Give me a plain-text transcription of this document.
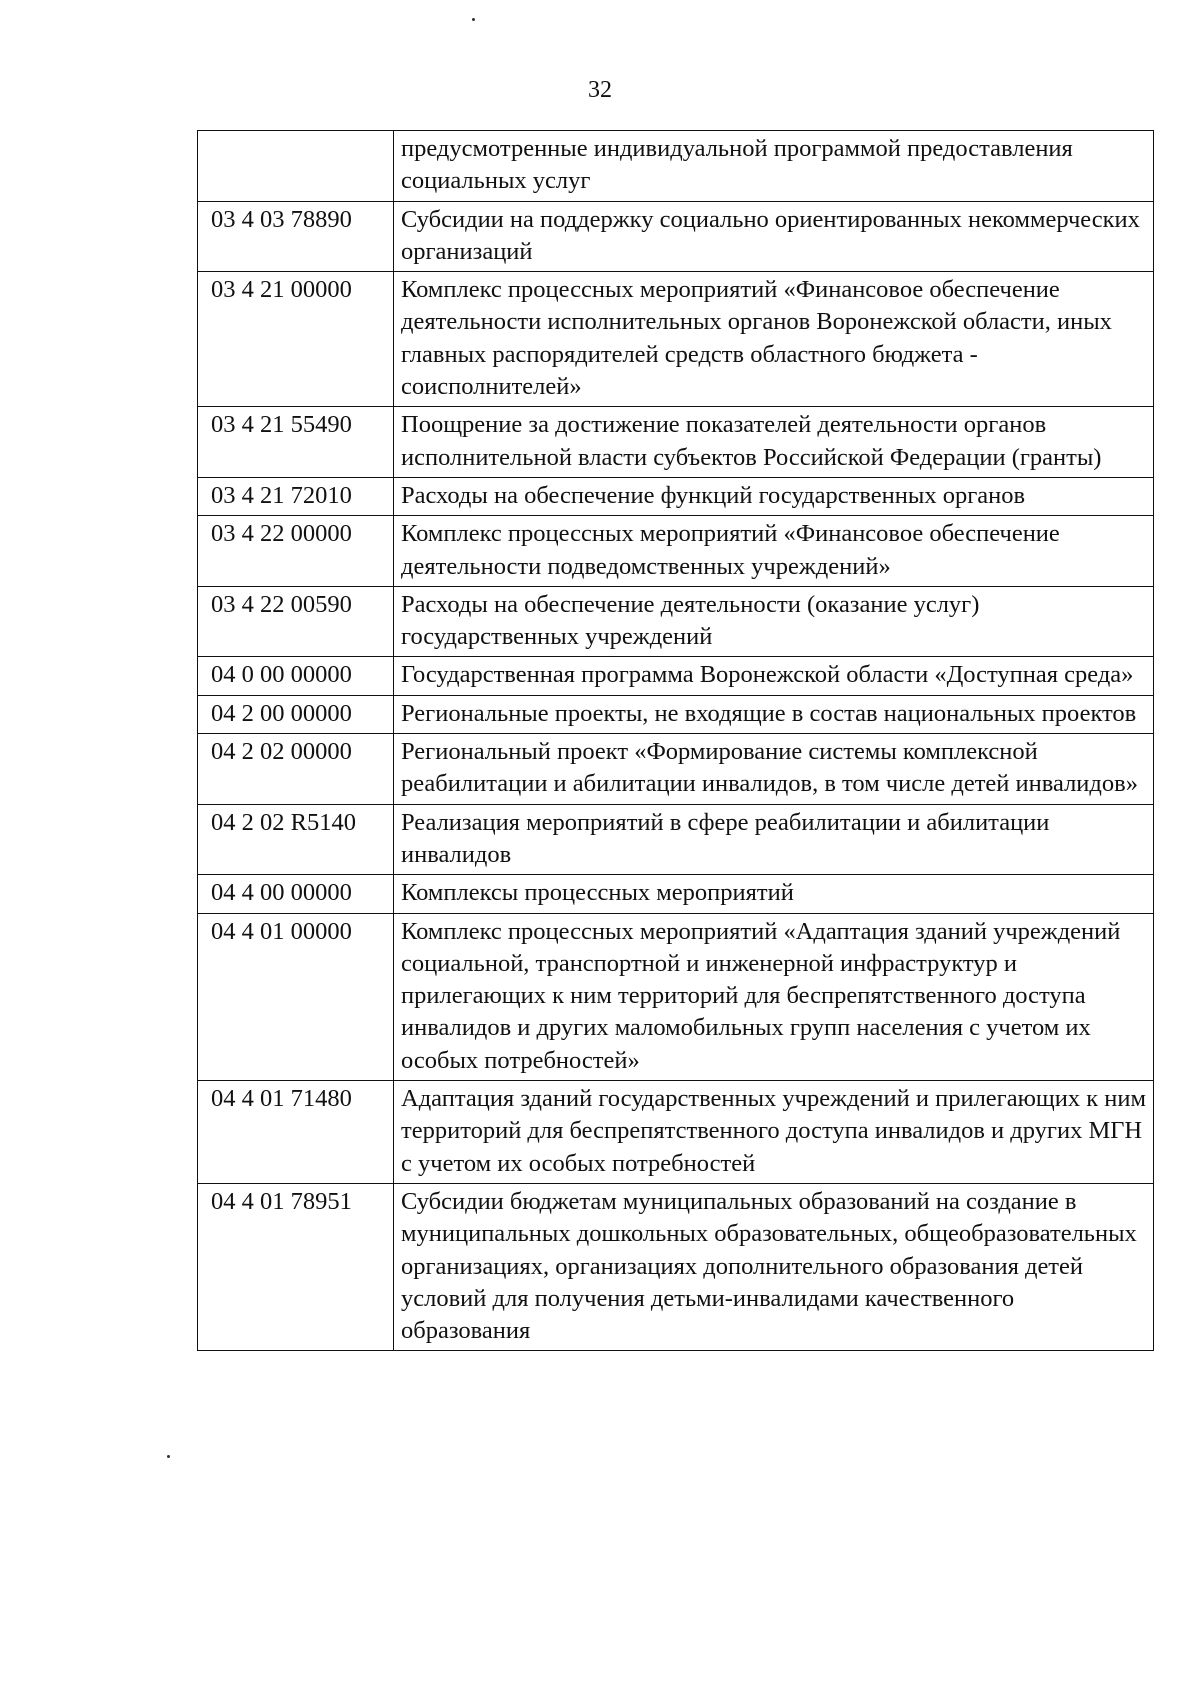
32
	предусмотренные индивидуальной программой предоставления социальных услуг
03 4 03 78890	Субсидии на поддержку социально ориентированных некоммерческих организаций
03 4 21 00000	Комплекс процессных мероприятий «Финансовое обеспечение деятельности исполнительных органов Воронежской области, иных главных распорядителей средств областного бюджета - соисполнителей»
03 4 21 55490	Поощрение за достижение показателей деятельности органов исполнительной власти субъектов Российской Федерации (гранты)
03 4 21 72010	Расходы на обеспечение функций государственных органов
03 4 22 00000	Комплекс процессных мероприятий «Финансовое обеспечение деятельности подведомственных учреждений»
03 4 22 00590	Расходы на обеспечение деятельности (оказание услуг) государственных учреждений
04 0 00 00000	Государственная программа Воронежской области «Доступная среда»
04 2 00 00000	Региональные проекты, не входящие в состав национальных проектов
04 2 02 00000	Региональный проект «Формирование системы комплексной реабилитации и абилитации инвалидов, в том числе детей инвалидов»
04 2 02 R5140	Реализация мероприятий в сфере реабилитации и абилитации инвалидов
04 4 00 00000	Комплексы процессных мероприятий
04 4 01 00000	Комплекс процессных мероприятий «Адаптация зданий учреждений социальной, транспортной и инженерной инфраструктур и прилегающих к ним территорий для беспрепятственного доступа инвалидов и других маломобильных групп населения с учетом их особых потребностей»
04 4 01 71480	Адаптация зданий государственных учреждений и прилегающих к ним территорий для беспрепятственного доступа инвалидов и других МГН с учетом их особых потребностей
04 4 01 78951	Субсидии бюджетам муниципальных образований на создание в муниципальных дошкольных образовательных, общеобразовательных организациях, организациях дополнительного образования детей условий для получения детьми-инвалидами качественного образования
